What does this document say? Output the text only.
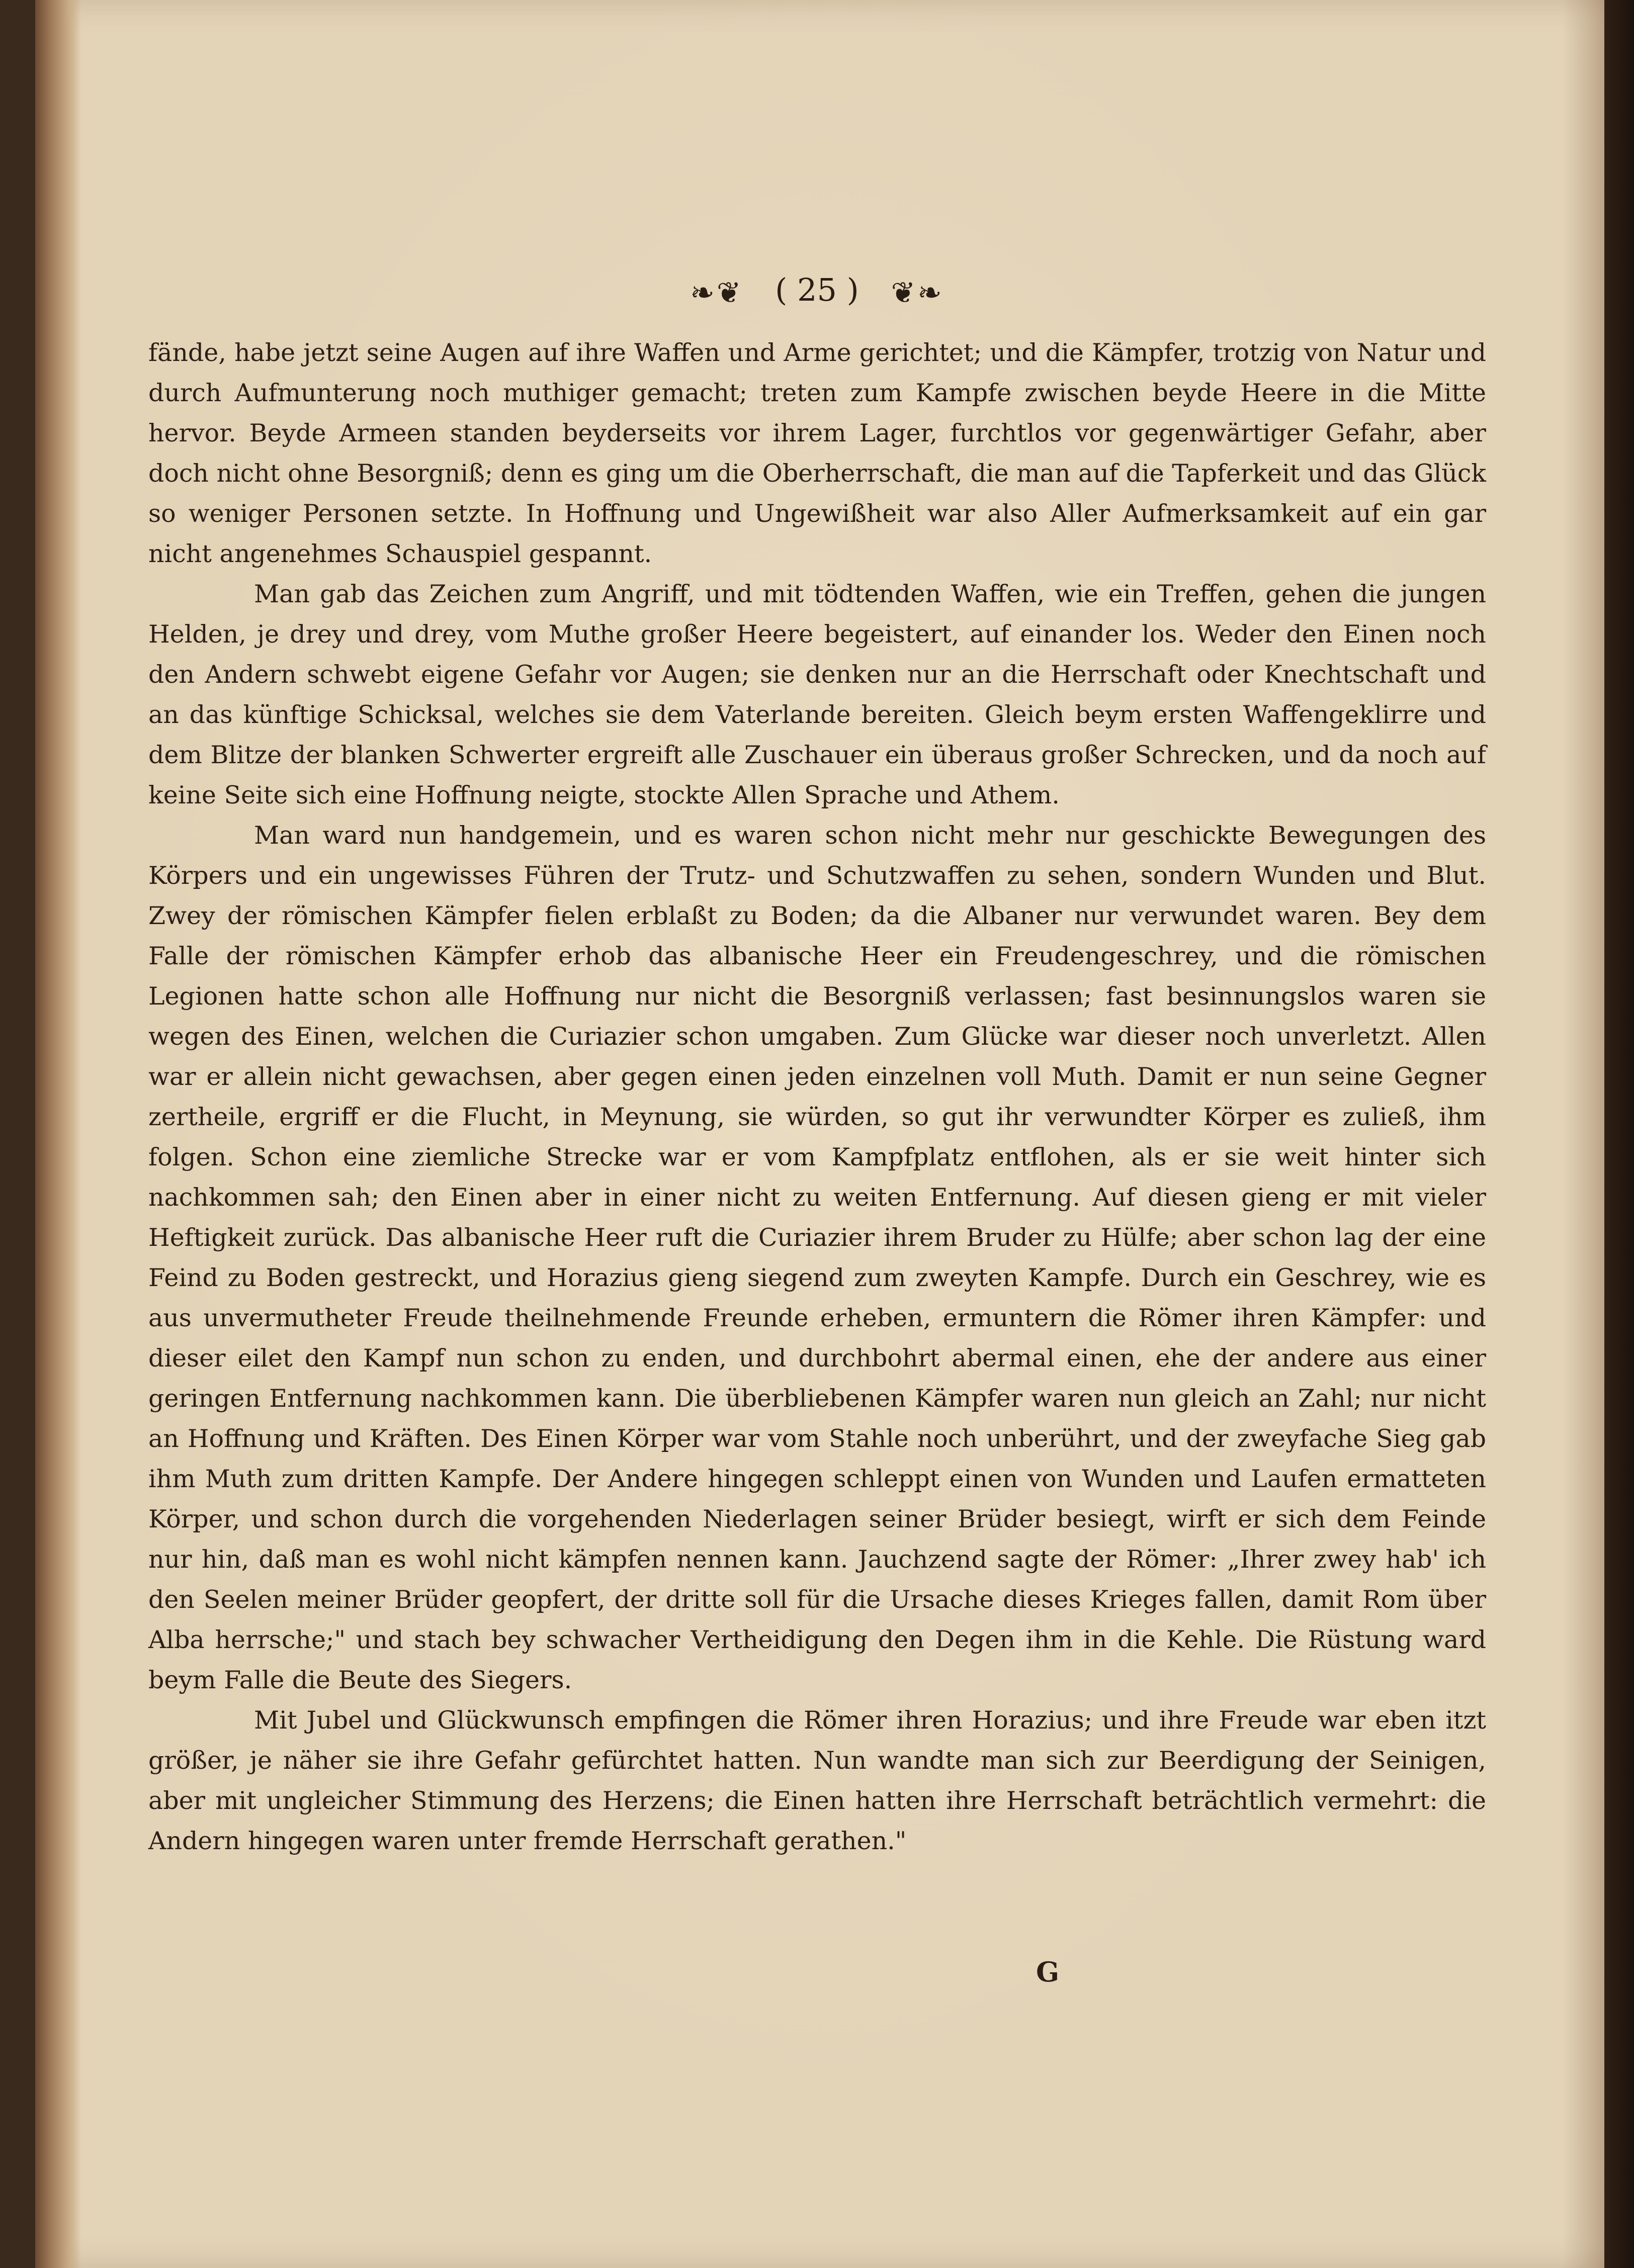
❧❦ ( 25 ) ❦❧

fände, habe jetzt seine Augen auf ihre Waffen und Arme gerichtet; und die Kämpfer, trotzig von Natur und durch Aufmunterung noch muthiger gemacht; treten zum Kampfe zwischen beyde Heere in die Mitte hervor. Beyde Armeen standen beyderseits vor ihrem Lager, furchtlos vor gegenwärtiger Gefahr, aber doch nicht ohne Besorgniß; denn es ging um die Oberherrschaft, die man auf die Tapferkeit und das Glück so weniger Personen setzte. In Hoffnung und Ungewißheit war also Aller Aufmerksamkeit auf ein gar nicht angenehmes Schauspiel gespannt.

Man gab das Zeichen zum Angriff, und mit tödtenden Waffen, wie ein Treffen, gehen die jungen Helden, je drey und drey, vom Muthe großer Heere begeistert, auf einander los. Weder den Einen noch den Andern schwebt eigene Gefahr vor Augen; sie denken nur an die Herrschaft oder Knechtschaft und an das künftige Schicksal, welches sie dem Vaterlande bereiten. Gleich beym ersten Waffengeklirre und dem Blitze der blanken Schwerter ergreift alle Zuschauer ein überaus großer Schrecken, und da noch auf keine Seite sich eine Hoffnung neigte, stockte Allen Sprache und Athem.

Man ward nun handgemein, und es waren schon nicht mehr nur geschickte Bewegungen des Körpers und ein ungewisses Führen der Trutz- und Schutzwaffen zu sehen, sondern Wunden und Blut. Zwey der römischen Kämpfer fielen erblaßt zu Boden; da die Albaner nur verwundet waren. Bey dem Falle der römischen Kämpfer erhob das albanische Heer ein Freudengeschrey, und die römischen Legionen hatte schon alle Hoffnung nur nicht die Besorgniß verlassen; fast besinnungslos waren sie wegen des Einen, welchen die Curiazier schon umgaben. Zum Glücke war dieser noch unverletzt. Allen war er allein nicht gewachsen, aber gegen einen jeden einzelnen voll Muth. Damit er nun seine Gegner zertheile, ergriff er die Flucht, in Meynung, sie würden, so gut ihr verwundter Körper es zuließ, ihm folgen. Schon eine ziemliche Strecke war er vom Kampfplatz entflohen, als er sie weit hinter sich nachkommen sah; den Einen aber in einer nicht zu weiten Entfernung. Auf diesen gieng er mit vieler Heftigkeit zurück. Das albanische Heer ruft die Curiazier ihrem Bruder zu Hülfe; aber schon lag der eine Feind zu Boden gestreckt, und Horazius gieng siegend zum zweyten Kampfe. Durch ein Geschrey, wie es aus unvermutheter Freude theilnehmende Freunde erheben, ermuntern die Römer ihren Kämpfer: und dieser eilet den Kampf nun schon zu enden, und durchbohrt abermal einen, ehe der andere aus einer geringen Entfernung nachkommen kann. Die überbliebenen Kämpfer waren nun gleich an Zahl; nur nicht an Hoffnung und Kräften. Des Einen Körper war vom Stahle noch unberührt, und der zweyfache Sieg gab ihm Muth zum dritten Kampfe. Der Andere hingegen schleppt einen von Wunden und Laufen ermatteten Körper, und schon durch die vorgehenden Niederlagen seiner Brüder besiegt, wirft er sich dem Feinde nur hin, daß man es wohl nicht kämpfen nennen kann. Jauchzend sagte der Römer: „Ihrer zwey hab' ich den Seelen meiner Brüder geopfert, der dritte soll für die Ursache dieses Krieges fallen, damit Rom über Alba herrsche;" und stach bey schwacher Vertheidigung den Degen ihm in die Kehle. Die Rüstung ward beym Falle die Beute des Siegers.

Mit Jubel und Glückwunsch empfingen die Römer ihren Horazius; und ihre Freude war eben itzt größer, je näher sie ihre Gefahr gefürchtet hatten. Nun wandte man sich zur Beerdigung der Seinigen, aber mit ungleicher Stimmung des Herzens; die Einen hatten ihre Herrschaft beträchtlich vermehrt: die Andern hingegen waren unter fremde Herrschaft gerathen."

G
